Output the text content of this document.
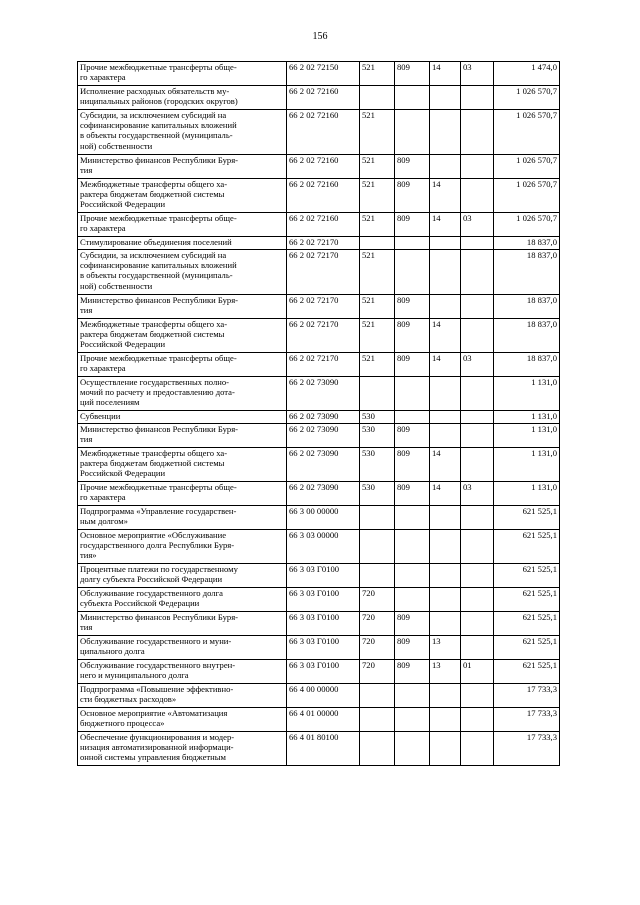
156
Прочие межбюджетные трансферты обще-
го характера	66 2 02 72150	521	809	14	03	1 474,0
Исполнение расходных обязательств му-
ниципальных районов (городских округов)	66 2 02 72160					1 026 570,7
Субсидии, за исключением субсидий на
софинансирование капитальных вложений
в объекты государственной (муниципаль-
ной) собственности	66 2 02 72160	521				1 026 570,7
Министерство финансов Республики Буря-
тия	66 2 02 72160	521	809			1 026 570,7
Межбюджетные трансферты общего ха-
рактера бюджетам бюджетной системы
Российской Федерации	66 2 02 72160	521	809	14		1 026 570,7
Прочие межбюджетные трансферты обще-
го характера	66 2 02 72160	521	809	14	03	1 026 570,7
Стимулирование объединения поселений	66 2 02 72170					18 837,0
Субсидии, за исключением субсидий на
софинансирование капитальных вложений
в объекты государственной (муниципаль-
ной) собственности	66 2 02 72170	521				18 837,0
Министерство финансов Республики Буря-
тия	66 2 02 72170	521	809			18 837,0
Межбюджетные трансферты общего ха-
рактера бюджетам бюджетной системы
Российской Федерации	66 2 02 72170	521	809	14		18 837,0
Прочие межбюджетные трансферты обще-
го характера	66 2 02 72170	521	809	14	03	18 837,0
Осуществление государственных полно-
мочий по расчету и предоставлению дота-
ций поселениям	66 2 02 73090					1 131,0
Субвенции	66 2 02 73090	530				1 131,0
Министерство финансов Республики Буря-
тия	66 2 02 73090	530	809			1 131,0
Межбюджетные трансферты общего ха-
рактера бюджетам бюджетной системы
Российской Федерации	66 2 02 73090	530	809	14		1 131,0
Прочие межбюджетные трансферты обще-
го характера	66 2 02 73090	530	809	14	03	1 131,0
Подпрограмма «Управление государствен-
ным долгом»	66 3 00 00000					621 525,1
Основное мероприятие «Обслуживание
государственного долга Республики Буря-
тия»	66 3 03 00000					621 525,1
Процентные платежи по государственному
долгу субъекта Российской Федерации	66 3 03 Г0100					621 525,1
Обслуживание государственного долга
субъекта Российской Федерации	66 3 03 Г0100	720				621 525,1
Министерство финансов Республики Буря-
тия	66 3 03 Г0100	720	809			621 525,1
Обслуживание государственного и муни-
ципального долга	66 3 03 Г0100	720	809	13		621 525,1
Обслуживание государственного внутрен-
него и муниципального долга	66 3 03 Г0100	720	809	13	01	621 525,1
Подпрограмма «Повышение эффективно-
сти бюджетных расходов»	66 4 00 00000					17 733,3
Основное мероприятие «Автоматизация
бюджетного процесса»	66 4 01 00000					17 733,3
Обеспечение функционирования и модер-
низация автоматизированной информаци-
онной системы управления бюджетным	66 4 01 80100					17 733,3
